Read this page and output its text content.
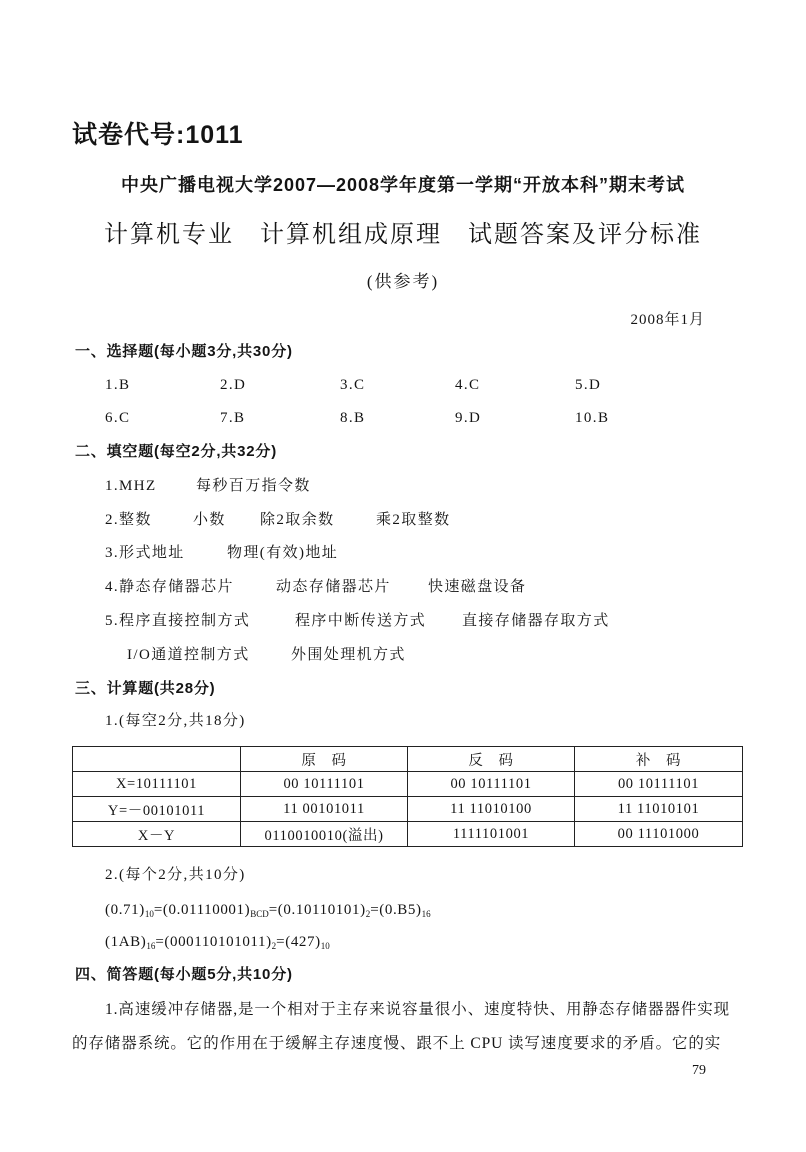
试卷代号:1011
中央广播电视大学2007—2008学年度第一学期“开放本科”期末考试
计算机专业　计算机组成原理　试题答案及评分标准
(供参考)
2008年1月
一、选择题(每小题3分,共30分)
1.B	2.D	3.C	4.C	5.D
6.C	7.B	8.B	9.D	10.B
二、填空题(每空2分,共32分)
1.MHZ	每秒百万指令数
2.整数	小数 除2取余数	乘2取整数
3.形式地址	物理(有效)地址
4.静态存储器芯片	动态存储器芯片 快速磁盘设备
5.程序直接控制方式	程序中断传送方式 直接存储器存取方式
I/O通道控制方式	外围处理机方式
三、计算题(共28分)
1.(每空2分,共18分)
	原　码	反　码	补　码
X=10111101	00 10111101	00 10111101	00 10111101
Y=－00101011	11 00101011	11 11010100	11 11010101
X－Y	0110010010(溢出)	1111101001	00 11101000
2.(每个2分,共10分)
$(0.71)_{10}=(0.01110001)_{BCD}=(0.10110101)_2=(0.B5)_{16}$
$(1AB)_{16}=(000110101011)_2=(427)_{10}$
四、简答题(每小题5分,共10分)
1.高速缓冲存储器,是一个相对于主存来说容量很小、速度特快、用静态存储器器件实现
的存储器系统。它的作用在于缓解主存速度慢、跟不上 CPU 读写速度要求的矛盾。它的实
79
